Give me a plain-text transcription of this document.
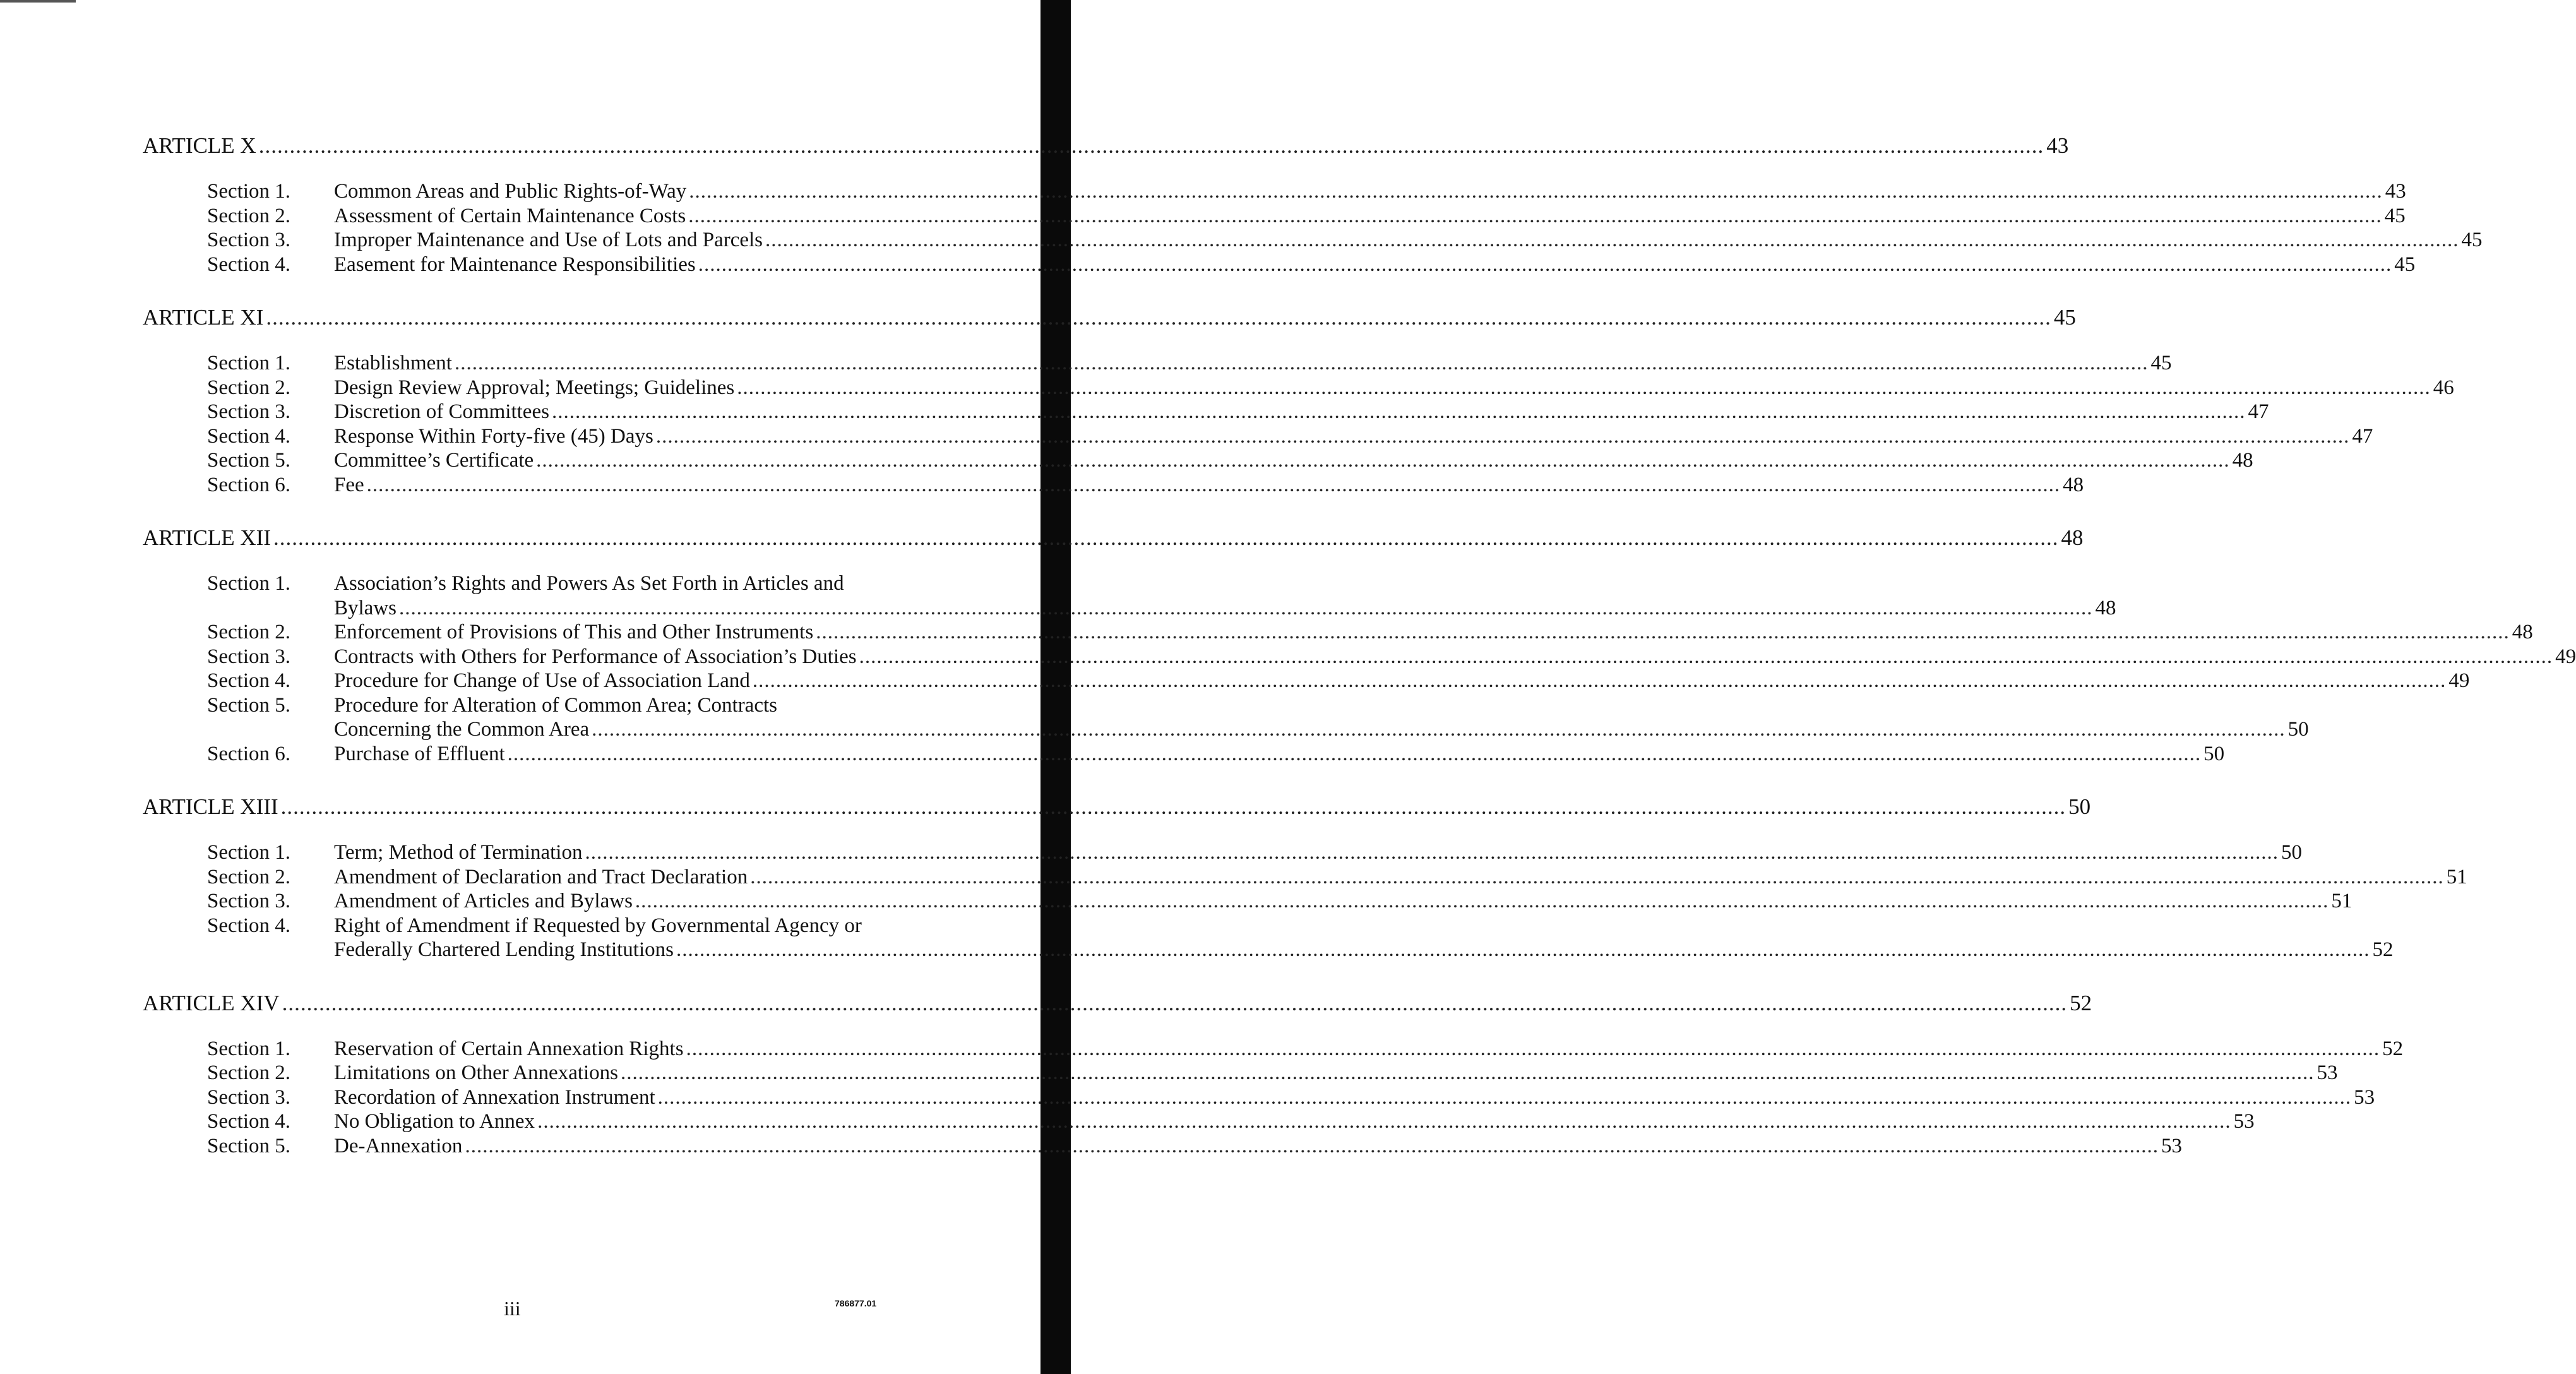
ARTICLE X .....	43
Section 1.	Common Areas and Public Rights-of-Way .....	43
Section 2.	Assessment of Certain Maintenance Costs .....	45
Section 3.	Improper Maintenance and Use of Lots and Parcels .....	45
Section 4.	Easement for Maintenance Responsibilities .....	45
ARTICLE XI .....	45
Section 1.	Establishment .....	45
Section 2.	Design Review Approval; Meetings; Guidelines .....	46
Section 3.	Discretion of Committees .....	47
Section 4.	Response Within Forty-five (45) Days .....	47
Section 5.	Committee’s Certificate .....	48
Section 6.	Fee .....	48
ARTICLE XII .....	48
Section 1.	Association’s Rights and Powers As Set Forth in Articles and
Bylaws .....	48
Section 2.	Enforcement of Provisions of This and Other Instruments .....	48
Section 3.	Contracts with Others for Performance of Association’s Duties .....	49
Section 4.	Procedure for Change of Use of Association Land .....	49
Section 5.	Procedure for Alteration of Common Area; Contracts
Concerning the Common Area .....	50
Section 6.	Purchase of Effluent .....	50
ARTICLE XIII .....	50
Section 1.	Term; Method of Termination .....	50
Section 2.	Amendment of Declaration and Tract Declaration .....	51
Section 3.	Amendment of Articles and Bylaws .....	51
Section 4.	Right of Amendment if Requested by Governmental Agency or
Federally Chartered Lending Institutions .....	52
ARTICLE XIV .....	52
Section 1.	Reservation of Certain Annexation Rights .....	52
Section 2.	Limitations on Other Annexations .....	53
Section 3.	Recordation of Annexation Instrument .....	53
Section 4.	No Obligation to Annex .....	53
Section 5.	De-Annexation .....	53
iii	786877.01
